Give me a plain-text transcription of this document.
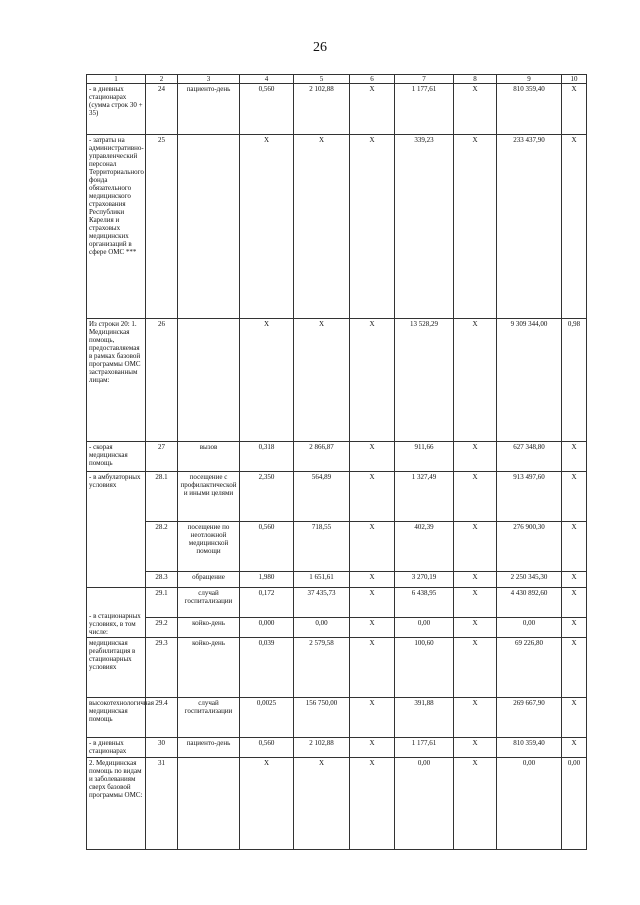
26
1	2	3	4	5	6	7	8	9	10
- в дневных стационарах (сумма строк 30 + 35)	24	пациенто-день	0,560	2 102,88	Х	1 177,61	Х	810 359,40	Х
- затраты на административно-управленческий персонал Территориального фонда обязательного медицинского страхования Республики Карелия и страховых медицинских организаций в сфере ОМС ***	25		Х	Х	Х	339,23	Х	233 437,90	Х
Из строки 20: 1. Медицинская помощь, предоставляемая в рамках базовой программы ОМС застрахованным лицам:	26		Х	Х	Х	13 528,29	Х	9 309 344,00	0,98
- скорая медицинская помощь	27	вызов	0,318	2 866,87	Х	911,66	Х	627 348,80	Х
- в амбулаторных условиях	28.1	посещение с профилактической и иными целями	2,350	564,89	Х	1 327,49	Х	913 497,60	Х
	28.2	посещение по неотложной медицинской помощи	0,560	718,55	Х	402,39	Х	276 900,30	Х
	28.3	обращение	1,980	1 651,61	Х	3 270,19	Х	2 250 345,30	Х
- в стационарных условиях, в том числе:	29.1	случай госпитализации	0,172	37 435,73	Х	6 438,95	Х	4 430 892,60	Х
	29.2	койко-день	0,000	0,00	Х	0,00	Х	0,00	Х
медицинская реабилитация в стационарных условиях	29.3	койко-день	0,039	2 579,58	Х	100,60	Х	69 226,80	Х
высокотехнологичная медицинская помощь	29.4	случай госпитализации	0,0025	156 750,00	Х	391,88	Х	269 667,90	Х
- в дневных стационарах	30	пациенто-день	0,560	2 102,88	Х	1 177,61	Х	810 359,40	Х
2. Медицинская помощь по видам и заболеваниям сверх базовой программы ОМС:	31		Х	Х	Х	0,00	Х	0,00	0,00
